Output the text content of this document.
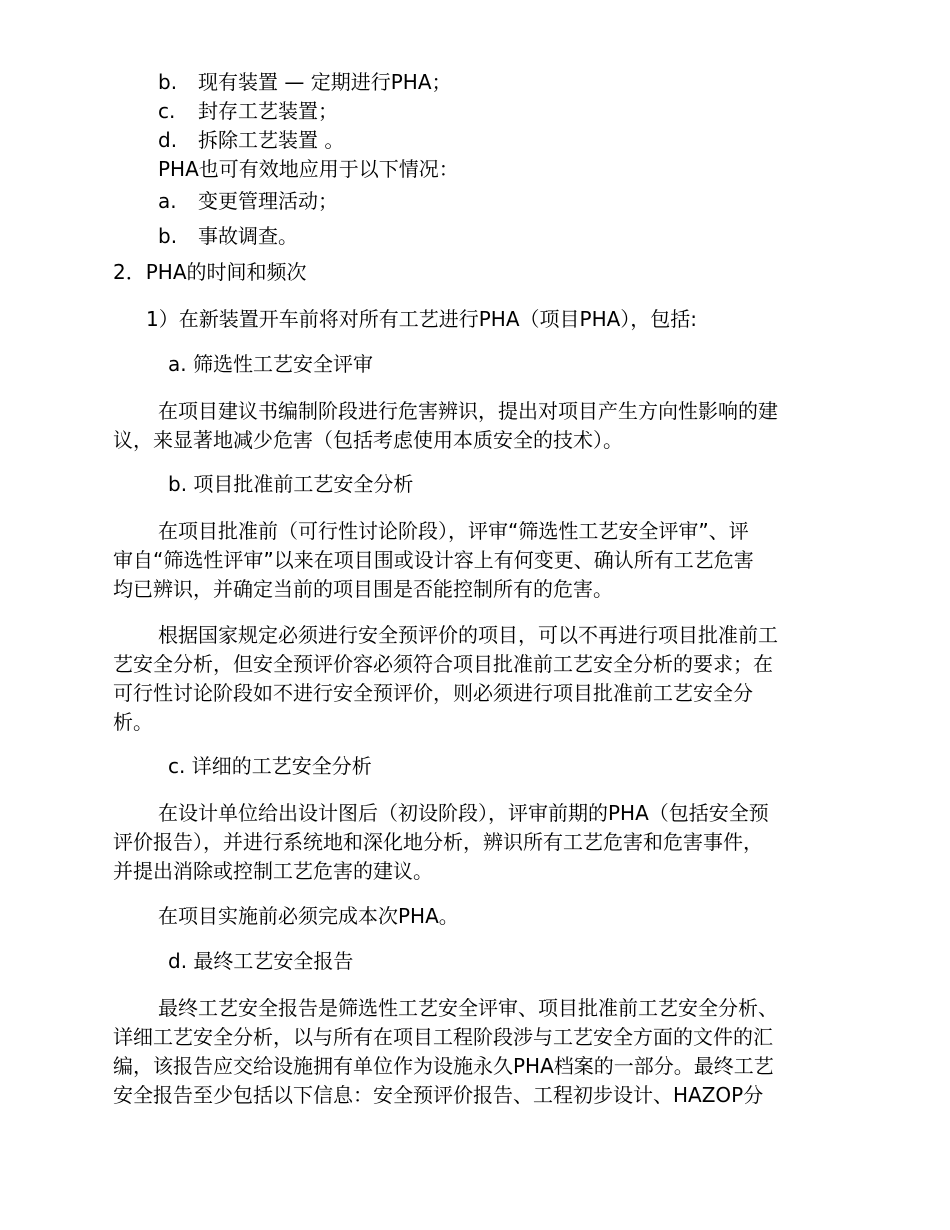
b. 现有装置 — 定期进行PHA；
c. 封存工艺装置；
d. 拆除工艺装置 。
PHA也可有效地应用于以下情况：
a. 变更管理活动；
b. 事故调查。
2．PHA的时间和频次
1）在新装置开车前将对所有工艺进行PHA（项目PHA），包括:
a. 筛选性工艺安全评审
在项目建议书编制阶段进行危害辨识，提出对项目产生方向性影响的建
议，来显著地减少危害（包括考虑使用本质安全的技术）。
b. 项目批准前工艺安全分析
在项目批准前（可行性讨论阶段），评审“筛选性工艺安全评审”、评
审自“筛选性评审”以来在项目围或设计容上有何变更、确认所有工艺危害
均已辨识，并确定当前的项目围是否能控制所有的危害。
根据国家规定必须进行安全预评价的项目，可以不再进行项目批准前工
艺安全分析，但安全预评价容必须符合项目批准前工艺安全分析的要求；在
可行性讨论阶段如不进行安全预评价，则必须进行项目批准前工艺安全分
析。
c. 详细的工艺安全分析
在设计单位给出设计图后（初设阶段），评审前期的PHA（包括安全预
评价报告），并进行系统地和深化地分析，辨识所有工艺危害和危害事件，
并提出消除或控制工艺危害的建议。
在项目实施前必须完成本次PHA。
d. 最终工艺安全报告
最终工艺安全报告是筛选性工艺安全评审、项目批准前工艺安全分析、
详细工艺安全分析，以与所有在项目工程阶段涉与工艺安全方面的文件的汇
编，该报告应交给设施拥有单位作为设施永久PHA档案的一部分。最终工艺
安全报告至少包括以下信息：安全预评价报告、工程初步设计、HAZOP分
